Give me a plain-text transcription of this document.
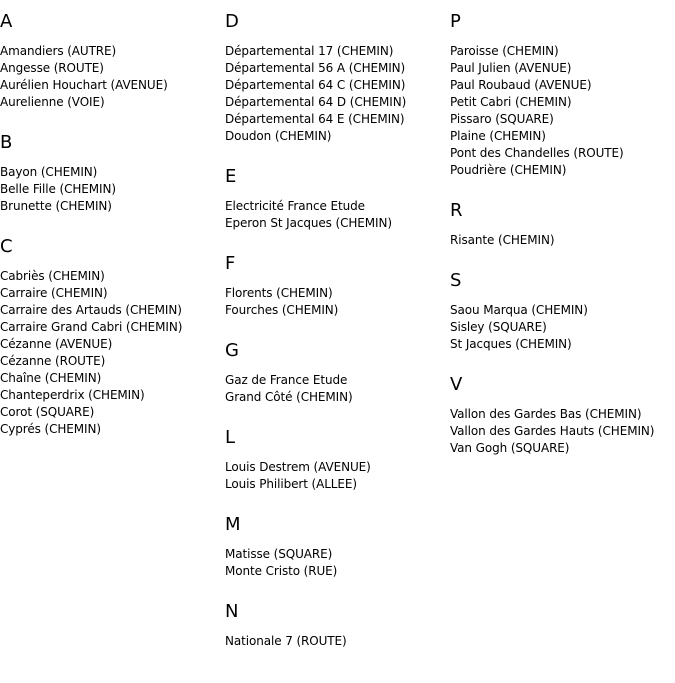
A
Amandiers (AUTRE)
Angesse (ROUTE)
Aurélien Houchart (AVENUE)
Aurelienne (VOIE)
B
Bayon (CHEMIN)
Belle Fille (CHEMIN)
Brunette (CHEMIN)
C
Cabriès (CHEMIN)
Carraire (CHEMIN)
Carraire des Artauds (CHEMIN)
Carraire Grand Cabri (CHEMIN)
Cézanne (AVENUE)
Cézanne (ROUTE)
Chaîne (CHEMIN)
Chanteperdrix (CHEMIN)
Corot (SQUARE)
Cyprés (CHEMIN)
D
Départemental 17 (CHEMIN)
Départemental 56 A (CHEMIN)
Départemental 64 C (CHEMIN)
Départemental 64 D (CHEMIN)
Départemental 64 E (CHEMIN)
Doudon (CHEMIN)
E
Electricité France Etude
Eperon St Jacques (CHEMIN)
F
Florents (CHEMIN)
Fourches (CHEMIN)
G
Gaz de France Etude
Grand Côté (CHEMIN)
L
Louis Destrem (AVENUE)
Louis Philibert (ALLEE)
M
Matisse (SQUARE)
Monte Cristo (RUE)
N
Nationale 7 (ROUTE)
P
Paroisse (CHEMIN)
Paul Julien (AVENUE)
Paul Roubaud (AVENUE)
Petit Cabri (CHEMIN)
Pissaro (SQUARE)
Plaine (CHEMIN)
Pont des Chandelles (ROUTE)
Poudrière (CHEMIN)
R
Risante (CHEMIN)
S
Saou Marqua (CHEMIN)
Sisley (SQUARE)
St Jacques (CHEMIN)
V
Vallon des Gardes Bas (CHEMIN)
Vallon des Gardes Hauts (CHEMIN)
Van Gogh (SQUARE)
